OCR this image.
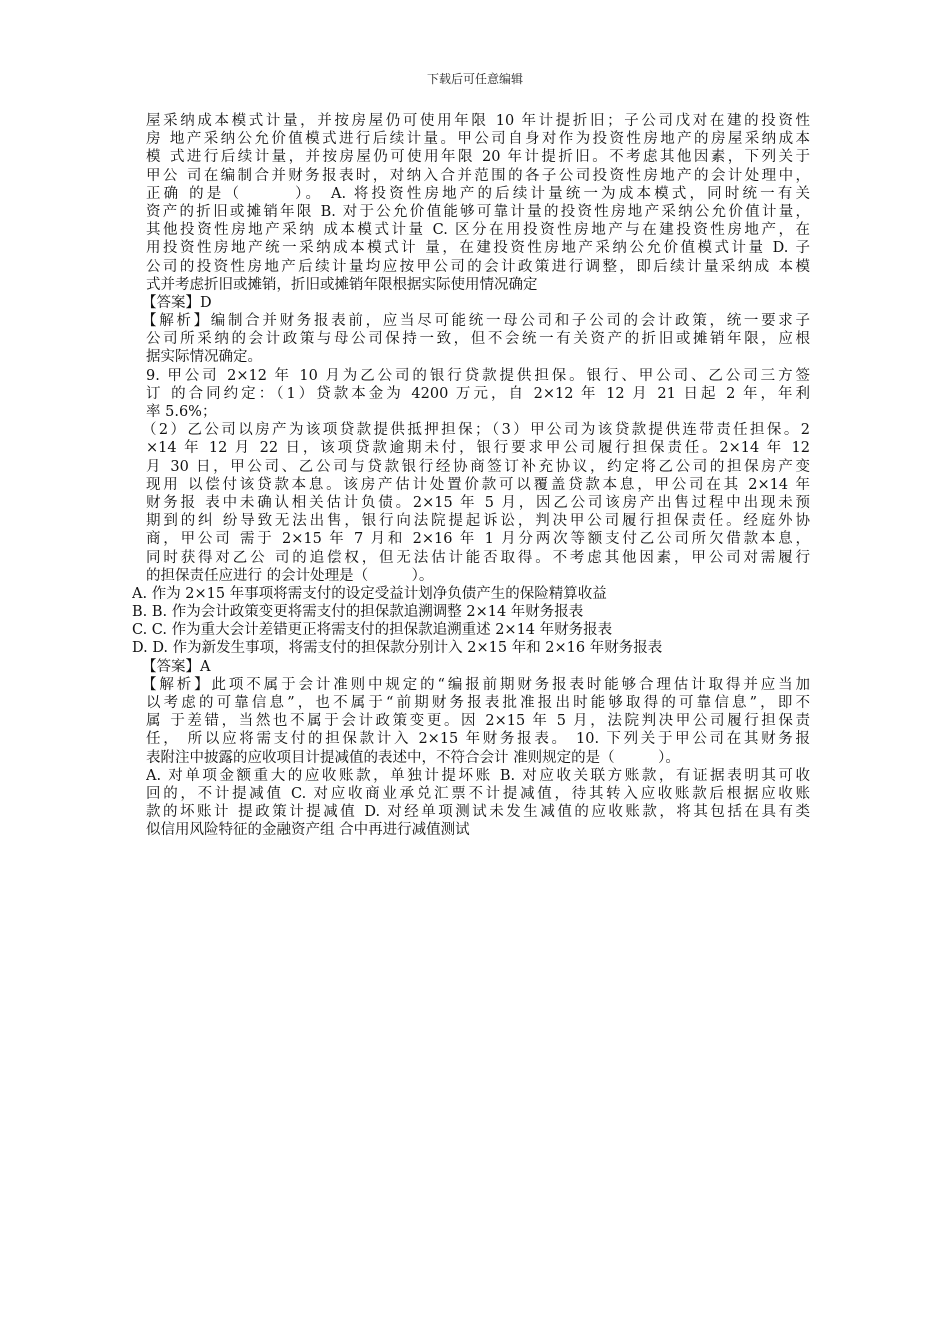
下载后可任意编辑
屋采纳成本模式计量，并按房屋仍可使用年限 10 年计提折旧；子公司戊对在建的投资性
房 地产采纳公允价值模式进行后续计量。甲公司自身对作为投资性房地产的房屋采纳成本
模 式进行后续计量，并按房屋仍可使用年限 20 年计提折旧。不考虑其他因素，下列关于
甲公 司在编制合并财务报表时，对纳入合并范围的各子公司投资性房地产的会计处理中，
正确 的是（　　　）。 A. 将投资性房地产的后续计量统一为成本模式，同时统一有关
资产的折旧或摊销年限 B. 对于公允价值能够可靠计量的投资性房地产采纳公允价值计量，
其他投资性房地产采纳 成本模式计量 C. 区分在用投资性房地产与在建投资性房地产，在
用投资性房地产统一采纳成本模式计 量，在建投资性房地产采纳公允价值模式计量 D. 子
公司的投资性房地产后续计量均应按甲公司的会计政策进行调整，即后续计量采纳成 本模
式并考虑折旧或摊销，折旧或摊销年限根据实际使用情况确定
【答案】D
【解析】编制合并财务报表前，应当尽可能统一母公司和子公司的会计政策，统一要求子
公司所采纳的会计政策与母公司保持一致，但不会统一有关资产的折旧或摊销年限，应根
据实际情况确定。
9. 甲公司 2×12 年 10 月为乙公司的银行贷款提供担保。银行、甲公司、乙公司三方签
订 的合同约定：（1）贷款本金为 4200 万元，自 2×12 年 12 月 21 日起 2 年，年利
率 5.6%；
（2）乙公司以房产为该项贷款提供抵押担保；（3）甲公司为该贷款提供连带责任担保。2
×14 年 12 月 22 日，该项贷款逾期未付，银行要求甲公司履行担保责任。2×14 年 12
月 30 日，甲公司、乙公司与贷款银行经协商签订补充协议，约定将乙公司的担保房产变
现用 以偿付该贷款本息。该房产估计处置价款可以覆盖贷款本息，甲公司在其 2×14 年
财务报 表中未确认相关估计负债。2×15 年 5 月，因乙公司该房产出售过程中出现未预
期到的纠 纷导致无法出售，银行向法院提起诉讼，判决甲公司履行担保责任。经庭外协
商，甲公司 需于 2×15 年 7 月和 2×16 年 1 月分两次等额支付乙公司所欠借款本息，
同时获得对乙公 司的追偿权，但无法估计能否取得。不考虑其他因素，甲公司对需履行
的担保责任应进行 的会计处理是（　　　）。
A. 作为 2×15 年事项将需支付的设定受益计划净负债产生的保险精算收益
B. B. 作为会计政策变更将需支付的担保款追溯调整 2×14 年财务报表
C. C. 作为重大会计差错更正将需支付的担保款追溯重述 2×14 年财务报表
D. D. 作为新发生事项，将需支付的担保款分别计入 2×15 年和 2×16 年财务报表
【答案】A
【解析】此项不属于会计准则中规定的“编报前期财务报表时能够合理估计取得并应当加
以考虑的可靠信息”，也不属于“前期财务报表批准报出时能够取得的可靠信息”，即不
属 于差错，当然也不属于会计政策变更。因 2×15 年 5 月，法院判决甲公司履行担保责
任， 所以应将需支付的担保款计入 2×15 年财务报表。 10. 下列关于甲公司在其财务报
表附注中披露的应收项目计提减值的表述中，不符合会计 准则规定的是（　　　）。
A. 对单项金额重大的应收账款，单独计提坏账 B. 对应收关联方账款，有证据表明其可收
回的，不计提减值 C. 对应收商业承兑汇票不计提减值，待其转入应收账款后根据应收账
款的坏账计 提政策计提减值 D. 对经单项测试未发生减值的应收账款，将其包括在具有类
似信用风险特征的金融资产组 合中再进行减值测试
